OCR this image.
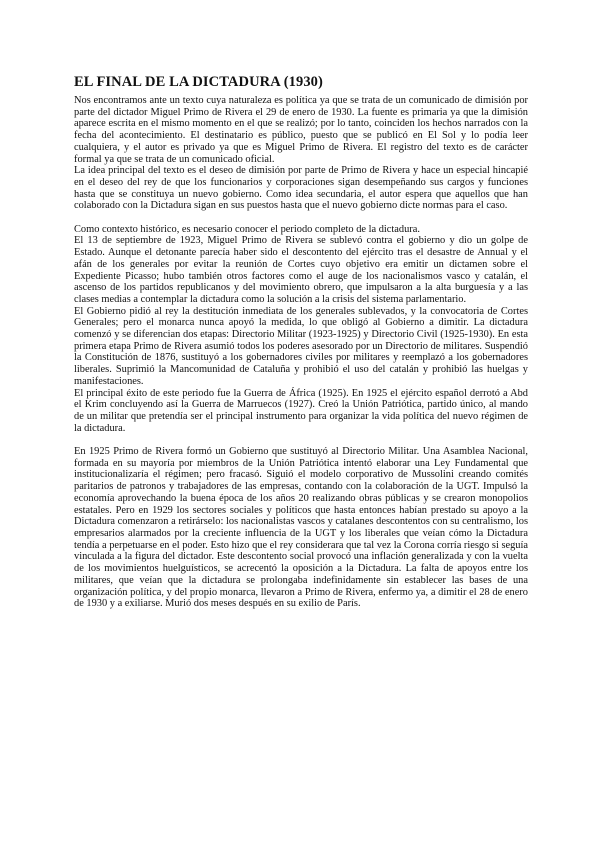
EL FINAL DE LA DICTADURA (1930)

Nos encontramos ante un texto cuya naturaleza es política ya que se trata de un comunicado de dimisión por parte del dictador Miguel Primo de Rivera el 29 de enero de 1930. La fuente es primaria ya que la dimisión aparece escrita en el mismo momento en el que se realizó; por lo tanto, coinciden los hechos narrados con la fecha del acontecimiento. El destinatario es público, puesto que se publicó en El Sol y lo podía leer cualquiera, y el autor es privado ya que es Miguel Primo de Rivera. El registro del texto es de carácter formal ya que se trata de un comunicado oficial.

La idea principal del texto es el deseo de dimisión por parte de Primo de Rivera y hace un especial hincapié en el deseo del rey de que los funcionarios y corporaciones sigan desempeñando sus cargos y funciones hasta que se constituya un nuevo gobierno. Como idea secundaria, el autor espera que aquellos que han colaborado con la Dictadura sigan en sus puestos hasta que el nuevo gobierno dicte normas para el caso.

Como contexto histórico, es necesario conocer el periodo completo de la dictadura.

El 13 de septiembre de 1923, Miguel Primo de Rivera se sublevó contra el gobierno y dio un golpe de Estado. Aunque el detonante parecía haber sido el descontento del ejército tras el desastre de Annual y el afán de los generales por evitar la reunión de Cortes cuyo objetivo era emitir un dictamen sobre el Expediente Picasso; hubo también otros factores como el auge de los nacionalismos vasco y catalán, el ascenso de los partidos republicanos y del movimiento obrero, que impulsaron a la alta burguesía y a las clases medias a contemplar la dictadura como la solución a la crisis del sistema parlamentario.

El Gobierno pidió al rey la destitución inmediata de los generales sublevados, y la convocatoria de Cortes Generales; pero el monarca nunca apoyó la medida, lo que obligó al Gobierno a dimitir. La dictadura comenzó y se diferencian dos etapas: Directorio Militar (1923-1925) y Directorio Civil (1925-1930). En esta primera etapa Primo de Rivera asumió todos los poderes asesorado por un Directorio de militares. Suspendió la Constitución de 1876, sustituyó a los gobernadores civiles por militares y reemplazó a los gobernadores liberales. Suprimió la Mancomunidad de Cataluña y prohibió el uso del catalán y prohibió las huelgas y manifestaciones.

El principal éxito de este periodo fue la Guerra de África (1925). En 1925 el ejército español derrotó a Abd el Krim concluyendo así la Guerra de Marruecos (1927). Creó la Unión Patriótica, partido único, al mando de un militar que pretendía ser el principal instrumento para organizar la vida política del nuevo régimen de la dictadura.

En 1925 Primo de Rivera formó un Gobierno que sustituyó al Directorio Militar. Una Asamblea Nacional, formada en su mayoría por miembros de la Unión Patriótica intentó elaborar una Ley Fundamental que institucionalizaría el régimen; pero fracasó. Siguió el modelo corporativo de Mussolini creando comités paritarios de patronos y trabajadores de las empresas, contando con la colaboración de la UGT. Impulsó la economía aprovechando la buena época de los años 20 realizando obras públicas y se crearon monopolios estatales. Pero en 1929 los sectores sociales y políticos que hasta entonces habían prestado su apoyo a la Dictadura comenzaron a retirárselo: los nacionalistas vascos y catalanes descontentos con su centralismo, los empresarios alarmados por la creciente influencia de la UGT y los liberales que veían cómo la Dictadura tendía a perpetuarse en el poder. Esto hizo que el rey considerara que tal vez la Corona corría riesgo si seguía vinculada a la figura del dictador. Este descontento social provocó una inflación generalizada y con la vuelta de los movimientos huelguísticos, se acrecentó la oposición a la Dictadura. La falta de apoyos entre los militares, que veían que la dictadura se prolongaba indefinidamente sin establecer las bases de una organización política, y del propio monarca, llevaron a Primo de Rivera, enfermo ya, a dimitir el 28 de enero de 1930 y a exiliarse. Murió dos meses después en su exilio de París.
